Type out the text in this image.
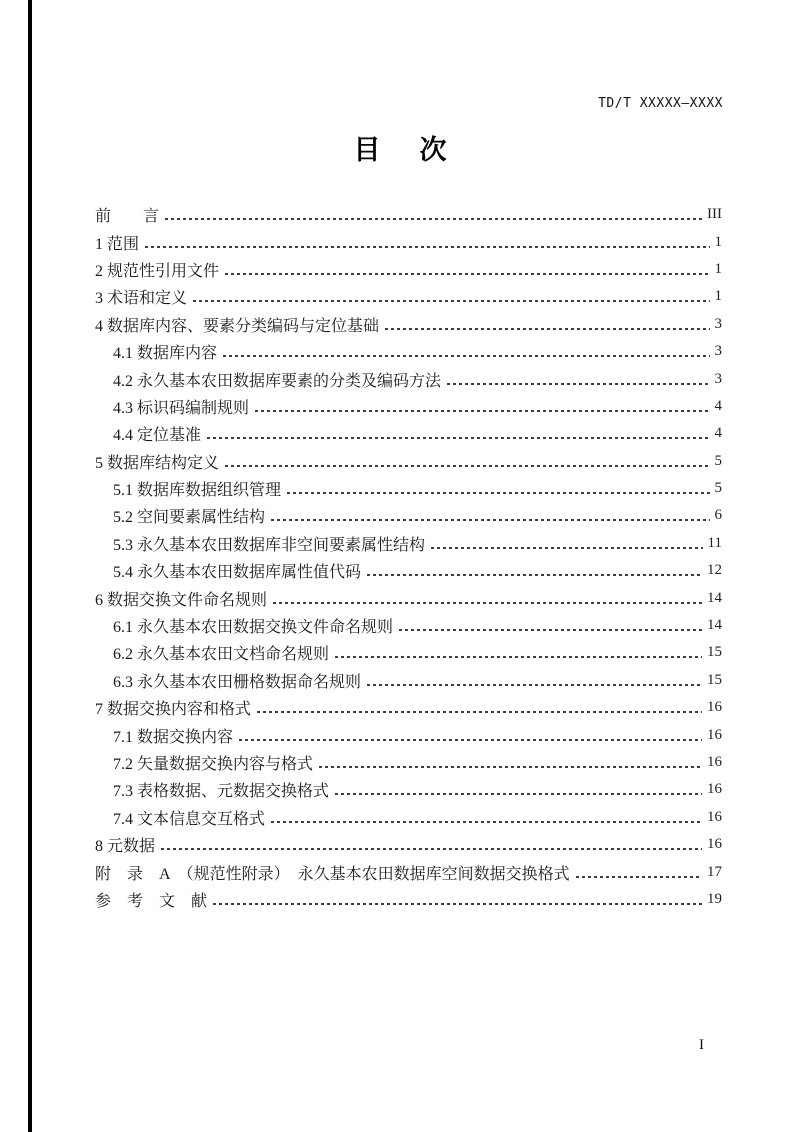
TD/T XXXXX—XXXX
目　次
前　　言	III
1 范围	1
2 规范性引用文件	1
3 术语和定义	1
4 数据库内容、要素分类编码与定位基础	3
4.1 数据库内容	3
4.2 永久基本农田数据库要素的分类及编码方法	3
4.3 标识码编制规则	4
4.4 定位基准	4
5 数据库结构定义	5
5.1 数据库数据组织管理	5
5.2 空间要素属性结构	6
5.3 永久基本农田数据库非空间要素属性结构	11
5.4 永久基本农田数据库属性值代码	12
6 数据交换文件命名规则	14
6.1 永久基本农田数据交换文件命名规则	14
6.2 永久基本农田文档命名规则	15
6.3 永久基本农田栅格数据命名规则	15
7 数据交换内容和格式	16
7.1 数据交换内容	16
7.2 矢量数据交换内容与格式	16
7.3 表格数据、元数据交换格式	16
7.4 文本信息交互格式	16
8 元数据	16
附　录　A　（规范性附录）　永久基本农田数据库空间数据交换格式	17
参　考　文　献	19
I
